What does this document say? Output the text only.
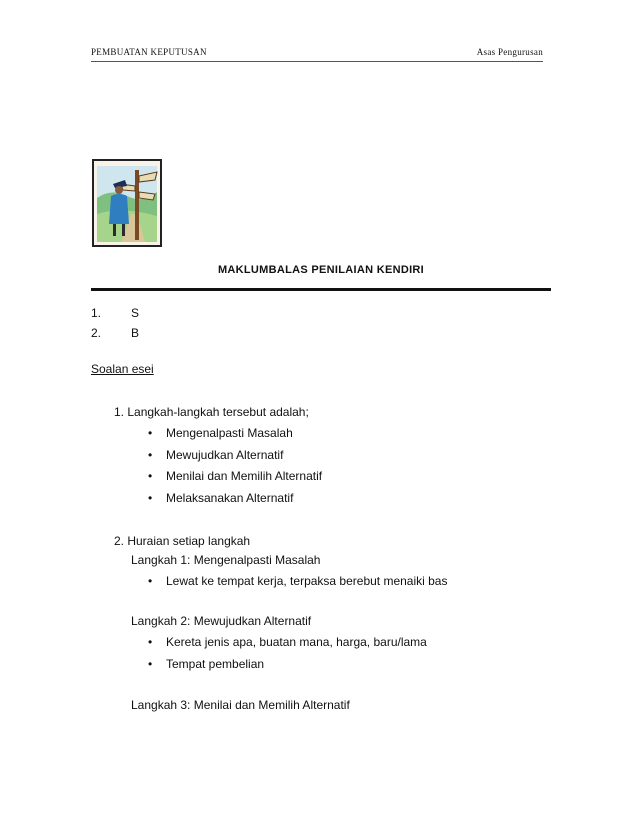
PEMBUATAN KEPUTUSAN	Asas Pengurusan
MAKLUMBALAS PENILAIAN KENDIRI
1. S
2. B
Soalan esei
1. Langkah-langkah tersebut adalah;
• Mengenalpasti Masalah
• Mewujudkan Alternatif
• Menilai dan Memilih Alternatif
• Melaksanakan Alternatif
2. Huraian setiap langkah
Langkah 1: Mengenalpasti Masalah
• Lewat ke tempat kerja, terpaksa berebut menaiki bas
Langkah 2: Mewujudkan Alternatif
• Kereta jenis apa, buatan mana, harga, baru/lama
• Tempat pembelian
Langkah 3: Menilai dan Memilih Alternatif
